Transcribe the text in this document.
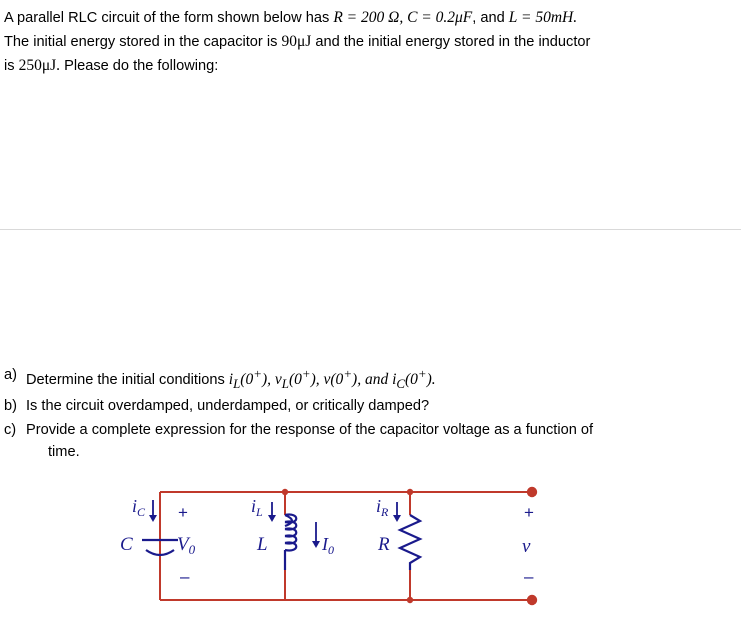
A parallel RLC circuit of the form shown below has R = 200 Ω, C = 0.2μF, and L = 50mH.

The initial energy stored in the capacitor is 90μJ and the initial energy stored in the inductor

is 250μJ. Please do the following:

a) Determine the initial conditions $i_L(0^+)$, $v_L(0^+)$, v(0+), and $i_C(0^+)$.
b) Is the circuit overdamped, underdamped, or critically damped?
c) Provide a complete expression for the response of the capacitor voltage as a function of
time.
C	L	R
+
–
$V_0$
+
–
v
$i_C$	$i_L$	$i_R$
$I_0$
